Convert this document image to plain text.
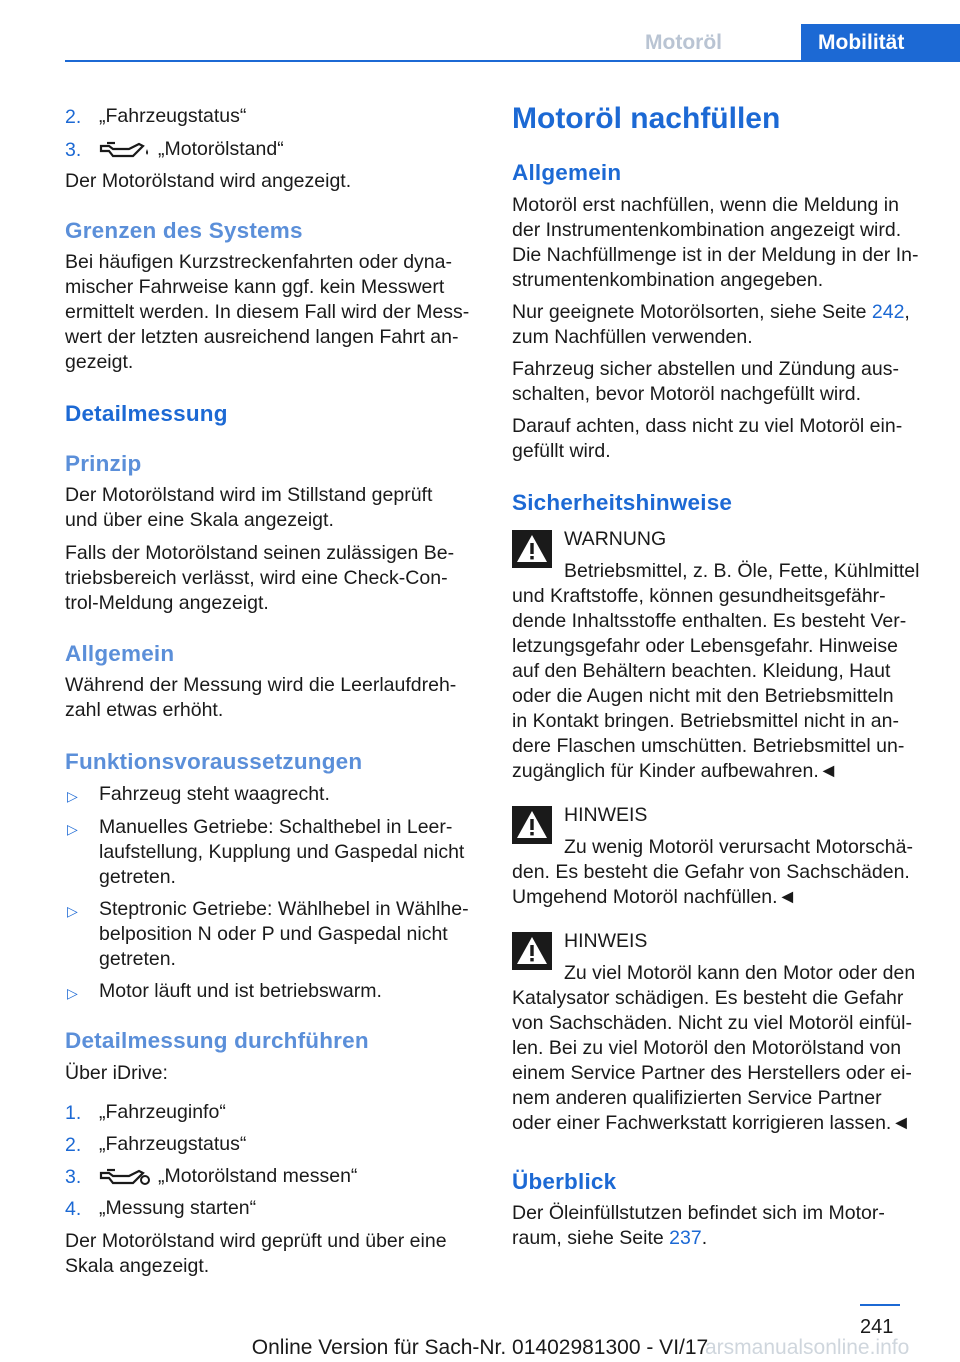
Motoröl	Mobilität
2. „Fahrzeugstatus“
3.	„Motorölstand“
Der Motorölstand wird angezeigt.
Grenzen des Systems
Bei häufigen Kurzstreckenfahrten oder dyna-
mischer Fahrweise kann ggf. kein Messwert
ermittelt werden. In diesem Fall wird der Mess-
wert der letzten ausreichend langen Fahrt an-
gezeigt.
Detailmessung
Prinzip
Der Motorölstand wird im Stillstand geprüft
und über eine Skala angezeigt.
Falls der Motorölstand seinen zulässigen Be-
triebsbereich verlässt, wird eine Check-Con-
trol-Meldung angezeigt.
Allgemein
Während der Messung wird die Leerlaufdreh-
zahl etwas erhöht.
Funktionsvoraussetzungen
▷ Fahrzeug steht waagrecht.
▷ Manuelles Getriebe: Schalthebel in Leer-
laufstellung, Kupplung und Gaspedal nicht
getreten.
▷ Steptronic Getriebe: Wählhebel in Wählhe-
belposition N oder P und Gaspedal nicht
getreten.
▷ Motor läuft und ist betriebswarm.
Detailmessung durchführen
Über iDrive:
1. „Fahrzeuginfo“
2. „Fahrzeugstatus“
3.	„Motorölstand messen“
4. „Messung starten“
Der Motorölstand wird geprüft und über eine
Skala angezeigt.
Motoröl nachfüllen
Allgemein
Motoröl erst nachfüllen, wenn die Meldung in
der Instrumentenkombination angezeigt wird.
Die Nachfüllmenge ist in der Meldung in der In-
strumentenkombination angegeben.
Nur geeignete Motorölsorten, siehe Seite 242,
zum Nachfüllen verwenden.
Fahrzeug sicher abstellen und Zündung aus-
schalten, bevor Motoröl nachgefüllt wird.
Darauf achten, dass nicht zu viel Motoröl ein-
gefüllt wird.
Sicherheitshinweise
WARNUNG
Betriebsmittel, z. B. Öle, Fette, Kühlmittel
und Kraftstoffe, können gesundheitsgefähr-
dende Inhaltsstoffe enthalten. Es besteht Ver-
letzungsgefahr oder Lebensgefahr. Hinweise
auf den Behältern beachten. Kleidung, Haut
oder die Augen nicht mit den Betriebsmitteln
in Kontakt bringen. Betriebsmittel nicht in an-
dere Flaschen umschütten. Betriebsmittel un-
zugänglich für Kinder aufbewahren.◄
HINWEIS
Zu wenig Motoröl verursacht Motorschä-
den. Es besteht die Gefahr von Sachschäden.
Umgehend Motoröl nachfüllen.◄
HINWEIS
Zu viel Motoröl kann den Motor oder den
Katalysator schädigen. Es besteht die Gefahr
von Sachschäden. Nicht zu viel Motoröl einfül-
len. Bei zu viel Motoröl den Motorölstand von
einem Service Partner des Herstellers oder ei-
nem anderen qualifizierten Service Partner
oder einer Fachwerkstatt korrigieren lassen.◄
Überblick
Der Öleinfüllstutzen befindet sich im Motor-
raum, siehe Seite 237.
241
arsmanualsonline.info
Online Version für Sach-Nr. 01402981300 - VI/17
